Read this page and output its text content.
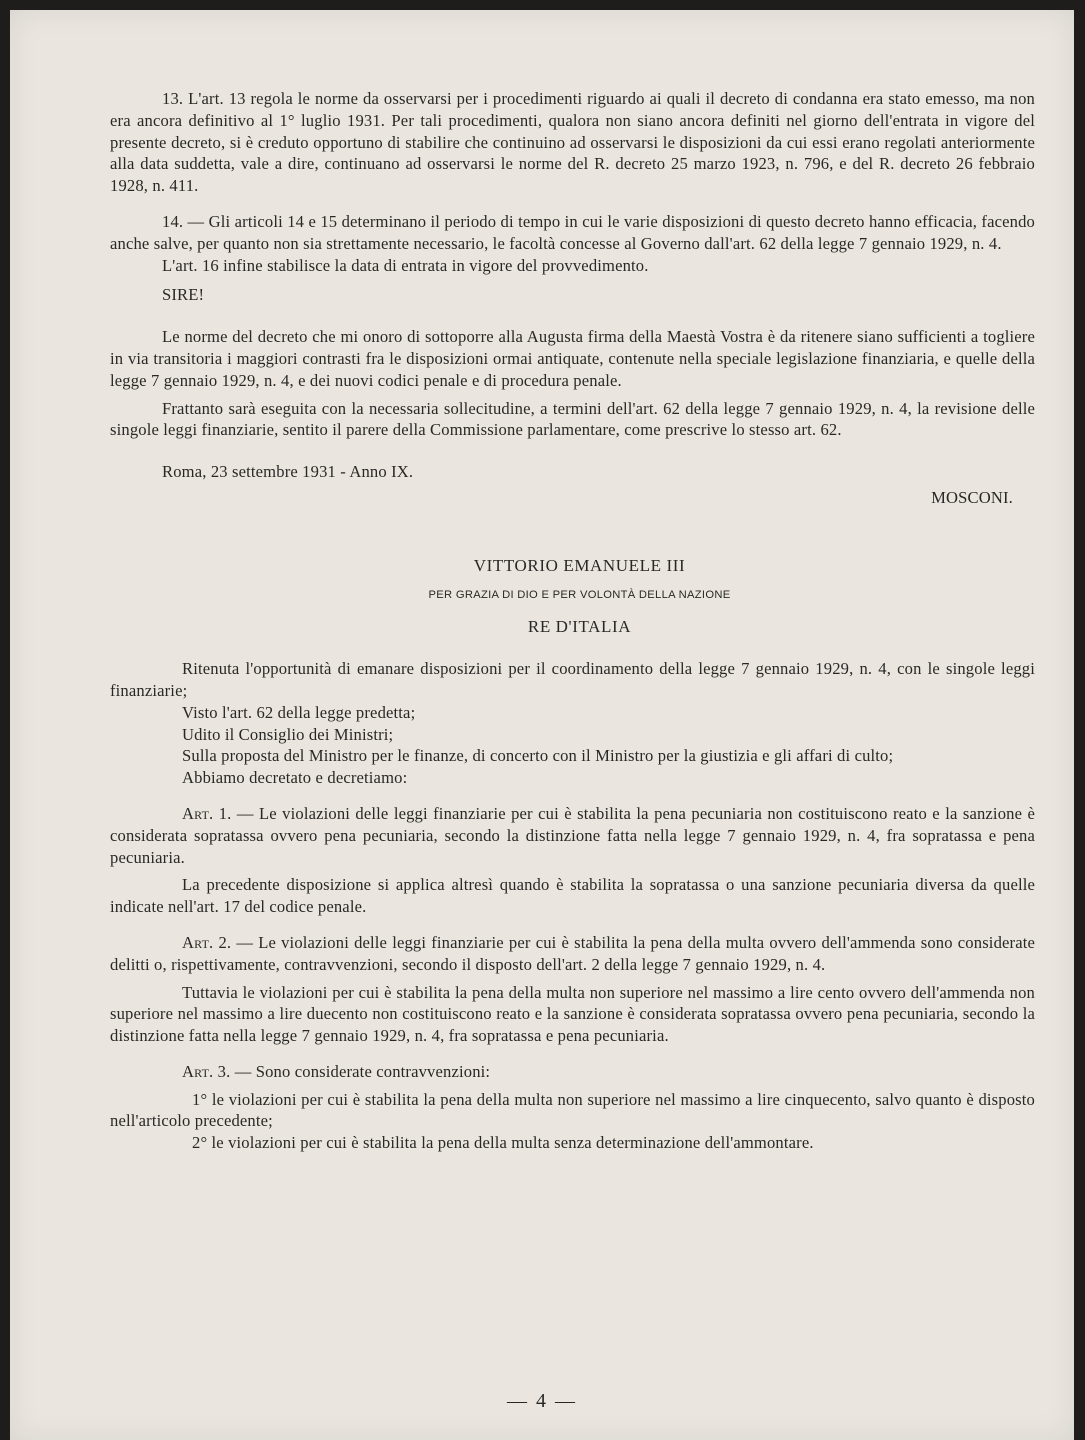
13. L'art. 13 regola le norme da osservarsi per i procedimenti riguardo ai quali il decreto di condanna era stato emesso, ma non era ancora definitivo al 1° luglio 1931. Per tali procedimenti, qualora non siano ancora definiti nel giorno dell'entrata in vigore del presente decreto, si è creduto opportuno di stabilire che continuino ad osservarsi le disposizioni da cui essi erano regolati anteriormente alla data suddetta, vale a dire, continuano ad osservarsi le norme del R. decreto 25 marzo 1923, n. 796, e del R. decreto 26 febbraio 1928, n. 411.

14. — Gli articoli 14 e 15 determinano il periodo di tempo in cui le varie disposizioni di questo decreto hanno efficacia, facendo anche salve, per quanto non sia strettamente necessario, le facoltà concesse al Governo dall'art. 62 della legge 7 gennaio 1929, n. 4.

L'art. 16 infine stabilisce la data di entrata in vigore del provvedimento.

SIRE!

Le norme del decreto che mi onoro di sottoporre alla Augusta firma della Maestà Vostra è da ritenere siano sufficienti a togliere in via transitoria i maggiori contrasti fra le disposizioni ormai antiquate, contenute nella speciale legislazione finanziaria, e quelle della legge 7 gennaio 1929, n. 4, e dei nuovi codici penale e di procedura penale.

Frattanto sarà eseguita con la necessaria sollecitudine, a termini dell'art. 62 della legge 7 gennaio 1929, n. 4, la revisione delle singole leggi finanziarie, sentito il parere della Commissione parlamentare, come prescrive lo stesso art. 62.

Roma, 23 settembre 1931 - Anno IX.

MOSCONI.
VITTORIO EMANUELE III
PER GRAZIA DI DIO E PER VOLONTÀ DELLA NAZIONE
RE D'ITALIA

Ritenuta l'opportunità di emanare disposizioni per il coordinamento della legge 7 gennaio 1929, n. 4, con le singole leggi finanziarie;

Visto l'art. 62 della legge predetta;

Udito il Consiglio dei Ministri;

Sulla proposta del Ministro per le finanze, di concerto con il Ministro per la giustizia e gli affari di culto;

Abbiamo decretato e decretiamo:

Art. 1. — Le violazioni delle leggi finanziarie per cui è stabilita la pena pecuniaria non costituiscono reato e la sanzione è considerata sopratassa ovvero pena pecuniaria, secondo la distinzione fatta nella legge 7 gennaio 1929, n. 4, fra sopratassa e pena pecuniaria.

La precedente disposizione si applica altresì quando è stabilita la sopratassa o una sanzione pecuniaria diversa da quelle indicate nell'art. 17 del codice penale.

Art. 2. — Le violazioni delle leggi finanziarie per cui è stabilita la pena della multa ovvero dell'ammenda sono considerate delitti o, rispettivamente, contravvenzioni, secondo il disposto dell'art. 2 della legge 7 gennaio 1929, n. 4.

Tuttavia le violazioni per cui è stabilita la pena della multa non superiore nel massimo a lire cento ovvero dell'ammenda non superiore nel massimo a lire duecento non costituiscono reato e la sanzione è considerata sopratassa ovvero pena pecuniaria, secondo la distinzione fatta nella legge 7 gennaio 1929, n. 4, fra sopratassa e pena pecuniaria.

Art. 3. — Sono considerate contravvenzioni:

1° le violazioni per cui è stabilita la pena della multa non superiore nel massimo a lire cinquecento, salvo quanto è disposto nell'articolo precedente;

2° le violazioni per cui è stabilita la pena della multa senza determinazione dell'ammontare.

— 4 —
